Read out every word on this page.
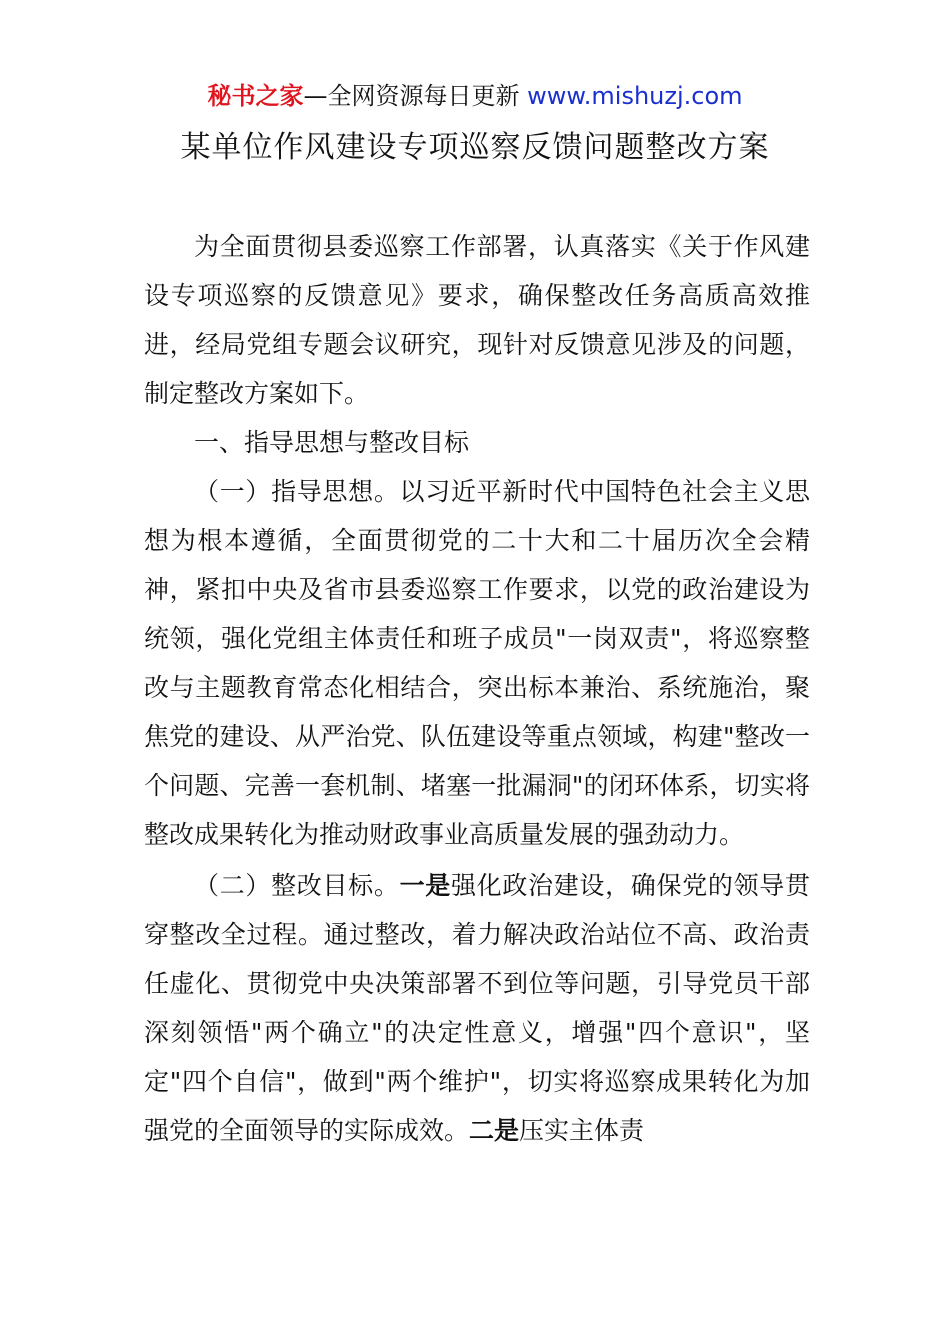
秘书之家—全网资源每日更新 www.mishuzj.com
某单位作风建设专项巡察反馈问题整改方案

为全面贯彻县委巡察工作部署，认真落实《关于作风建设专项巡察的反馈意见》要求，确保整改任务高质高效推进，经局党组专题会议研究，现针对反馈意见涉及的问题，制定整改方案如下。

一、指导思想与整改目标

（一）指导思想。以习近平新时代中国特色社会主义思想为根本遵循，全面贯彻党的二十大和二十届历次全会精神，紧扣中央及省市县委巡察工作要求，以党的政治建设为统领，强化党组主体责任和班子成员"一岗双责"，将巡察整改与主题教育常态化相结合，突出标本兼治、系统施治，聚焦党的建设、从严治党、队伍建设等重点领域，构建"整改一个问题、完善一套机制、堵塞一批漏洞"的闭环体系，切实将整改成果转化为推动财政事业高质量发展的强劲动力。

（二）整改目标。一是强化政治建设，确保党的领导贯穿整改全过程。通过整改，着力解决政治站位不高、政治责任虚化、贯彻党中央决策部署不到位等问题，引导党员干部深刻领悟"两个确立"的决定性意义，增强"四个意识"，坚定"四个自信"，做到"两个维护"，切实将巡察成果转化为加强党的全面领导的实际成效。二是压实主体责
